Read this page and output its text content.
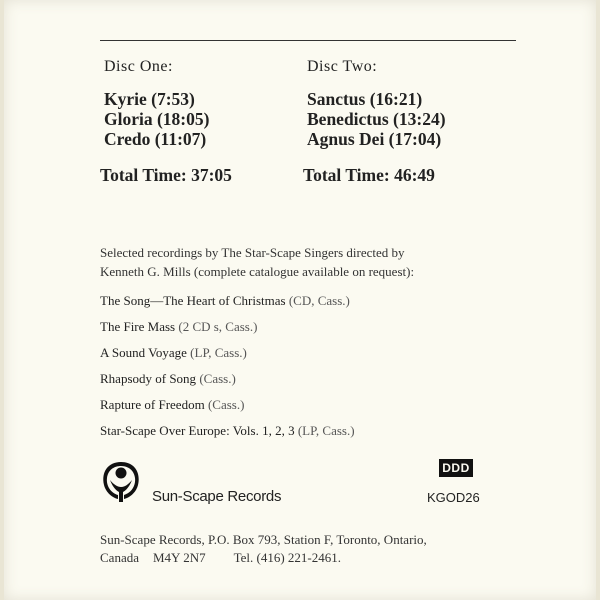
Disc One:
Kyrie (7:53)
Gloria (18:05)
Credo (11:07)
Total Time: 37:05
Disc Two:
Sanctus (16:21)
Benedictus (13:24)
Agnus Dei (17:04)
Total Time: 46:49
Selected recordings by The Star-Scape Singers directed by
Kenneth G. Mills (complete catalogue available on request):
The Song—The Heart of Christmas (CD, Cass.)
The Fire Mass (2 CD s, Cass.)
A Sound Voyage (LP, Cass.)
Rhapsody of Song (Cass.)
Rapture of Freedom (Cass.)
Star-Scape Over Europe: Vols. 1, 2, 3 (LP, Cass.)
Sun-Scape Records
DDD
KGOD26
Sun-Scape Records, P.O. Box 793, Station F, Toronto, Ontario,
Canada M4Y 2N7 Tel. (416) 221-2461.
